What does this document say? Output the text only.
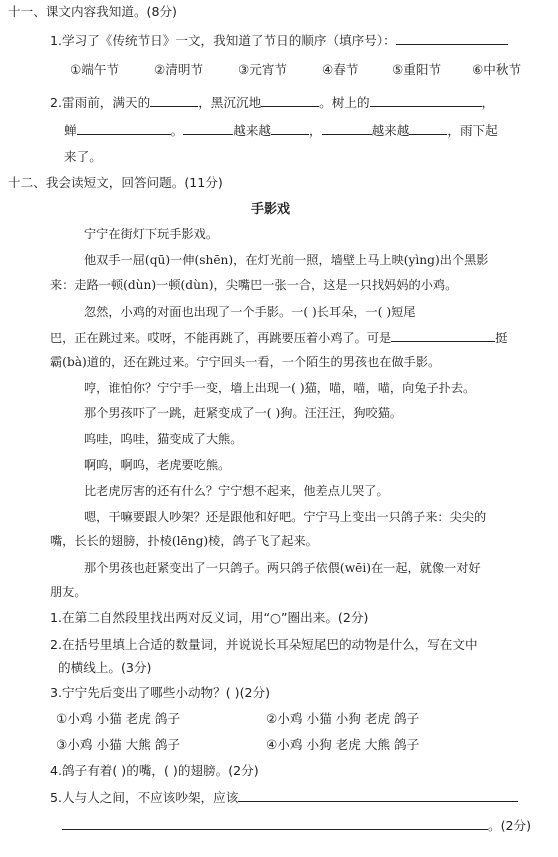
十一、课文内容我知道。(8分)
1.学习了《传统节日》一文，我知道了节日的顺序（填序号）：
①端午节	②清明节	③元宵节	④春节	⑤重阳节 ⑥中秋节
2.雷雨前，满天的	，黑沉沉地	。树上的	，
蝉	。	越来越	，	越来越	，雨下起
来了。
十二、我会读短文，回答问题。(11分)
手影戏
宁宁在街灯下玩手影戏。
他双手一屈(qū)一伸(shēn)，在灯光前一照，墙壁上马上映(yìng)出个黑影
来：走路一顿(dùn)一顿(dùn)，尖嘴巴一张一合，这是一只找妈妈的小鸡。
忽然，小鸡的对面也出现了一个手影。一( )长耳朵，一( )短尾
巴，正在跳过来。哎呀，不能再跳了，再跳要压着小鸡了。可是	挺
霸(bà)道的，还在跳过来。宁宁回头一看，一个陌生的男孩也在做手影。
哼，谁怕你？宁宁手一变，墙上出现一( )猫，喵，喵，喵，向兔子扑去。
那个男孩吓了一跳，赶紧变成了一( )狗。汪汪汪，狗咬猫。
呜哇，呜哇，猫变成了大熊。
啊呜，啊呜，老虎要吃熊。
比老虎厉害的还有什么？宁宁想不起来，他差点儿哭了。
嗯，干嘛要跟人吵架？还是跟他和好吧。宁宁马上变出一只鸽子来：尖尖的
嘴，长长的翅膀，扑棱(lēng)棱，鸽子飞了起来。
那个男孩也赶紧变出了一只鸽子。两只鸽子依偎(wēi)在一起，就像一对好
朋友。
1.在第二自然段里找出两对反义词，用“○”圈出来。(2分)
2.在括号里填上合适的数量词，并说说长耳朵短尾巴的动物是什么，写在文中
的横线上。(3分)
3.宁宁先后变出了哪些小动物？( )(2分)
①小鸡 小猫 老虎 鸽子	②小鸡 小猫 小狗 老虎 鸽子
③小鸡 小猫 大熊 鸽子	④小鸡 小狗 老虎 大熊 鸽子
4.鸽子有着( )的嘴，( )的翅膀。(2分)
5.人与人之间，不应该吵架，应该
。(2分)
